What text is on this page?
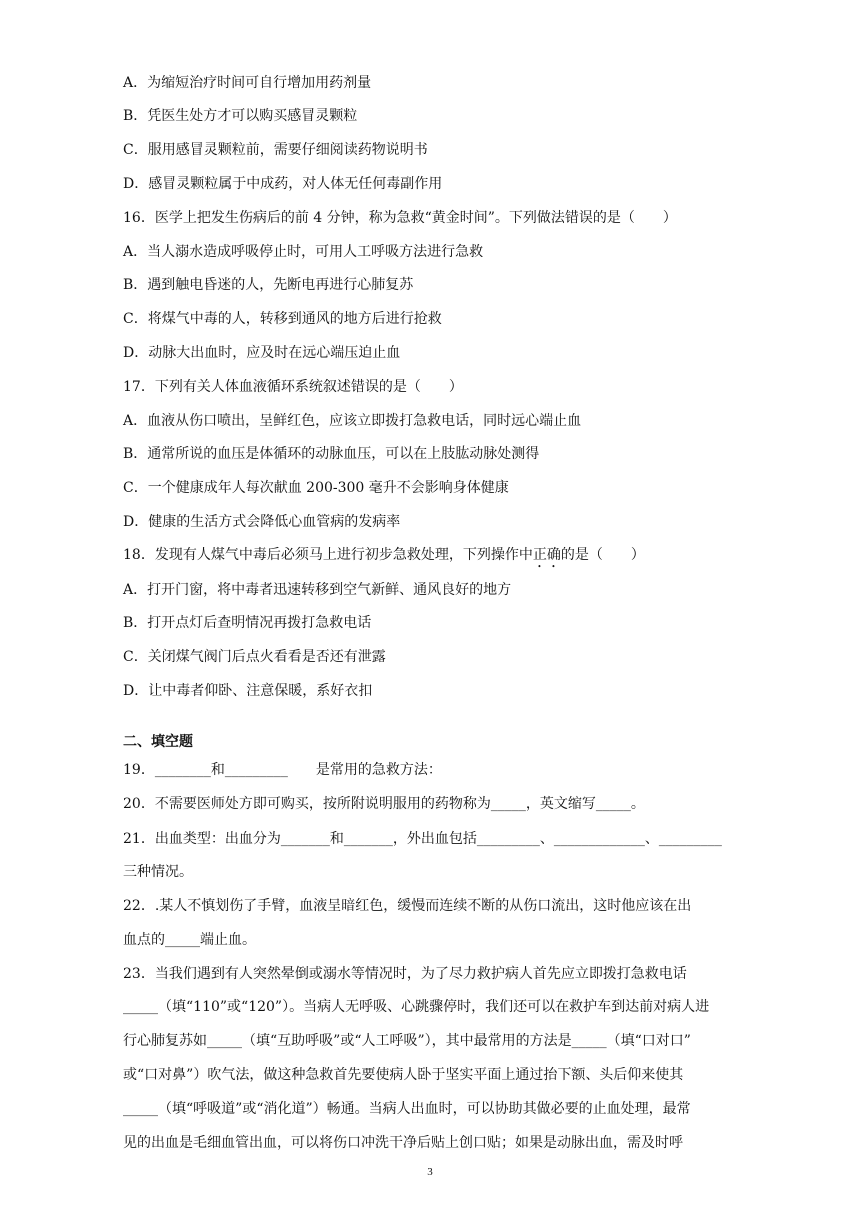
A．为缩短治疗时间可自行增加用药剂量
B．凭医生处方才可以购买感冒灵颗粒
C．服用感冒灵颗粒前，需要仔细阅读药物说明书
D．感冒灵颗粒属于中成药，对人体无任何毒副作用
16．医学上把发生伤病后的前 4 分钟，称为急救“黄金时间”。下列做法错误的是（　　）
A．当人溺水造成呼吸停止时，可用人工呼吸方法进行急救
B．遇到触电昏迷的人，先断电再进行心肺复苏
C．将煤气中毒的人，转移到通风的地方后进行抢救
D．动脉大出血时，应及时在远心端压迫止血
17．下列有关人体血液循环系统叙述错误的是（　　）
A．血液从伤口喷出，呈鲜红色，应该立即拨打急救电话，同时远心端止血
B．通常所说的血压是体循环的动脉血压，可以在上肢肱动脉处测得
C．一个健康成年人每次献血 200-300 毫升不会影响身体健康
D．健康的生活方式会降低心血管病的发病率
18．发现有人煤气中毒后必须马上进行初步急救处理，下列操作中正确的是（　　）
A．打开门窗，将中毒者迅速转移到空气新鲜、通风良好的地方
B．打开点灯后查明情况再拨打急救电话
C．关闭煤气阀门后点火看看是否还有泄露
D．让中毒者仰卧、注意保暖，系好衣扣
二、填空题
19．________和_________　　是常用的急救方法：
20．不需要医师处方即可购买，按所附说明服用的药物称为_____，英文缩写_____。
21．出血类型：出血分为_______和_______，外出血包括_________、_____________、_________
三种情况。
22．.某人不慎划伤了手臂，血液呈暗红色，缓慢而连续不断的从伤口流出，这时他应该在出
血点的_____端止血。
23．当我们遇到有人突然晕倒或溺水等情况时，为了尽力救护病人首先应立即拨打急救电话
_____（填“110”或“120”）。当病人无呼吸、心跳骤停时，我们还可以在救护车到达前对病人进
行心肺复苏如_____（填“互助呼吸”或“人工呼吸”），其中最常用的方法是_____（填“口对口”
或“口对鼻”）吹气法，做这种急救首先要使病人卧于坚实平面上通过抬下额、头后仰来使其
_____（填“呼吸道”或“消化道”）畅通。当病人出血时，可以协助其做必要的止血处理，最常
见的出血是毛细血管出血，可以将伤口冲洗干净后贴上创口贴；如果是动脉出血，需及时呼
3
